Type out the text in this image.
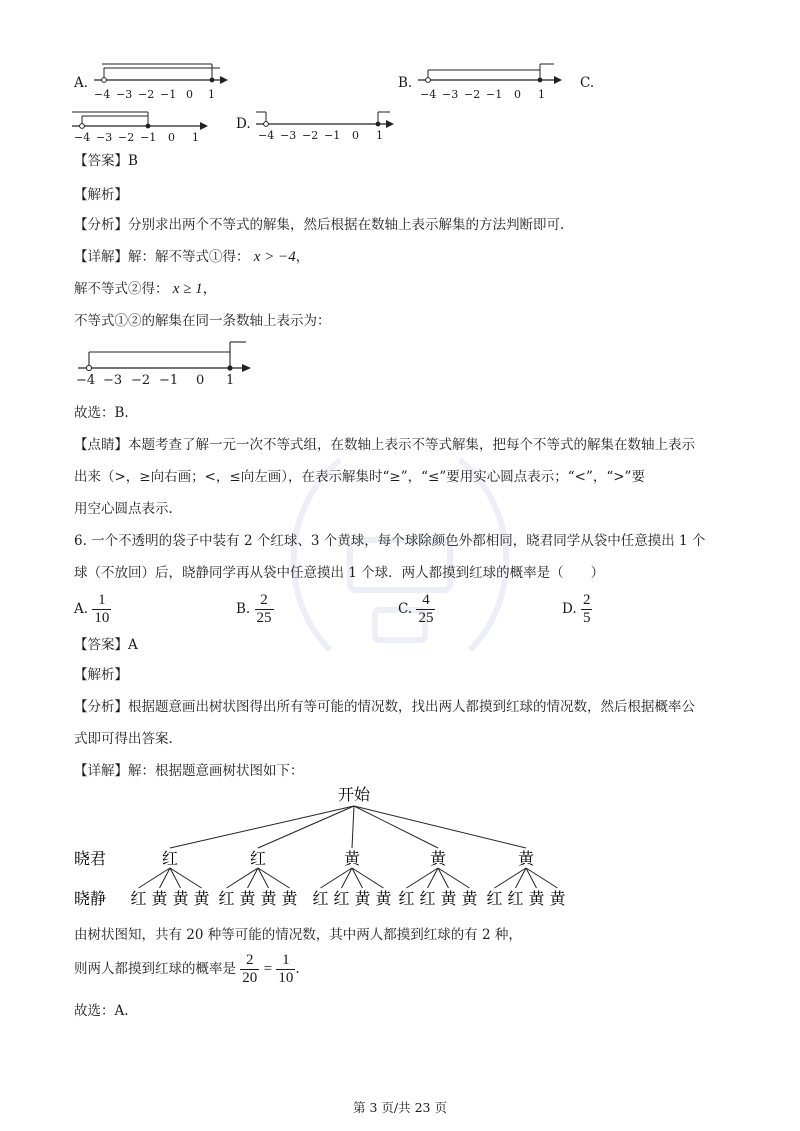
A.
−4 −3 −2 −1 0 1
B.
−4 −3 −2 −1 0 1
C.
−4 −3 −2 −1 0 1
D.
−4 −3 −2 −1 0 1
【答案】B
【解析】
【分析】分别求出两个不等式的解集，然后根据在数轴上表示解集的方法判断即可.
【详解】解：解不等式①得： x > −4，
解不等式②得： x ≥ 1，
不等式①②的解集在同一条数轴上表示为：
−4 −3 −2 −1 0 1
故选：B.
【点睛】本题考查了解一元一次不等式组，在数轴上表示不等式解集，把每个不等式的解集在数轴上表示
出来（>，≥向右画；<，≤向左画），在表示解集时“≥”，“≤”要用实心圆点表示；“<”，“>”要
用空心圆点表示.
6. 一个不透明的袋子中装有 2 个红球、3 个黄球，每个球除颜色外都相同，晓君同学从袋中任意摸出 1 个
球（不放回）后，晓静同学再从袋中任意摸出 1 个球．两人都摸到红球的概率是（　　）
A. $\frac{1}{10}$	B. $\frac{2}{25}$	C. $\frac{4}{25}$	D. $\frac{2}{5}$
【答案】A
【解析】
【分析】根据题意画出树状图得出所有等可能的情况数，找出两人都摸到红球的情况数，然后根据概率公
式即可得出答案.
【详解】解：根据题意画树状图如下：
开始
晓君
晓静
红
红 黄 黄 黄
红
红 黄 黄 黄
黄
红 红 黄 黄
黄
红 红 黄 黄
黄
红 红 黄 黄
由树状图知，共有 20 种等可能的情况数，其中两人都摸到红球的有 2 种，
则两人都摸到红球的概率是 $\frac{2}{20} = \frac{1}{10}$ .
故选：A.
第 3 页/共 23 页
